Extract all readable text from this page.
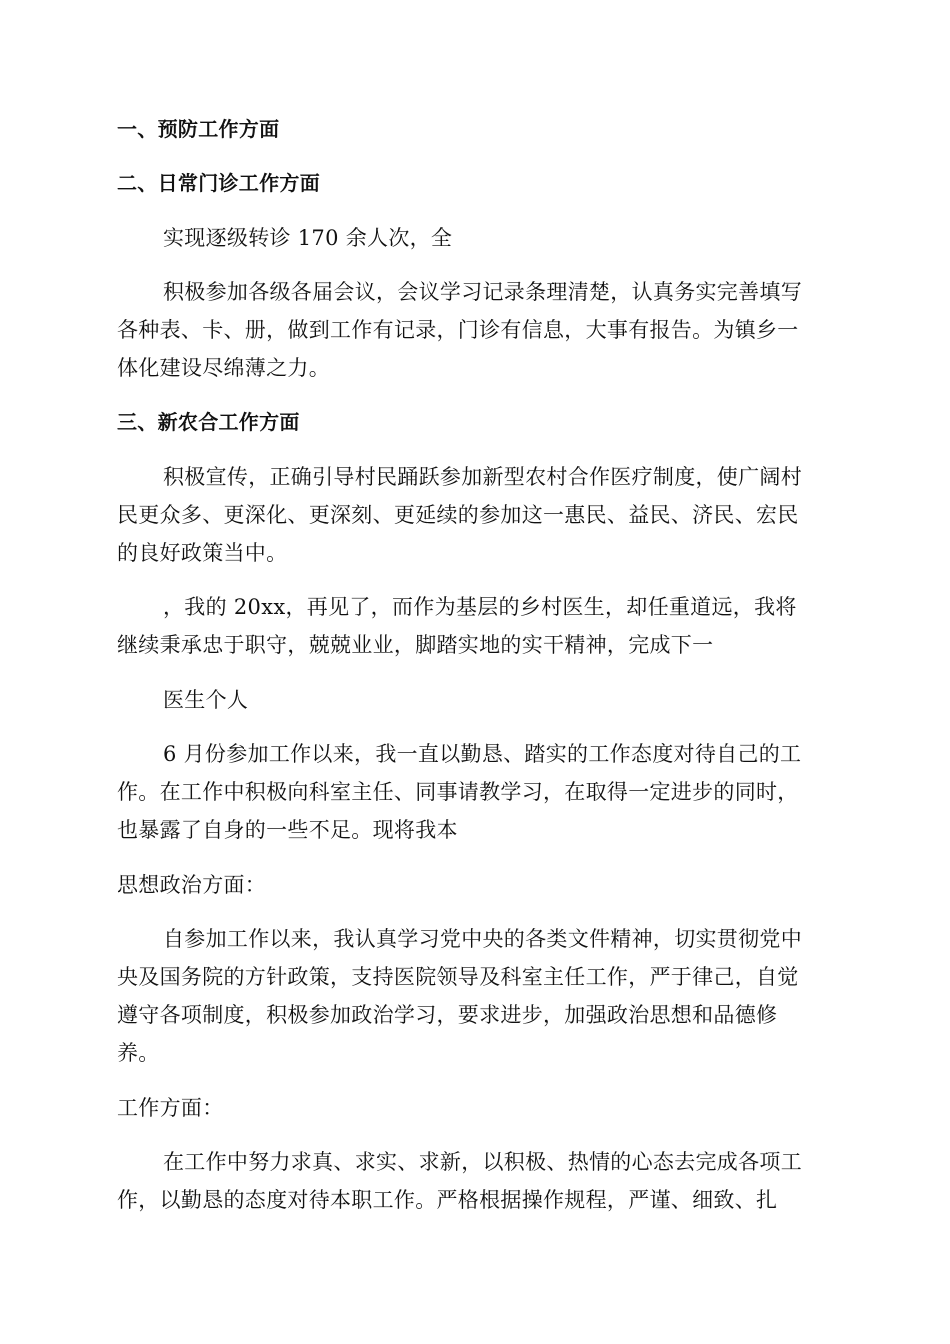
一、预防工作方面
二、日常门诊工作方面
实现逐级转诊 170 余人次，全
积极参加各级各届会议，会议学习记录条理清楚，认真务实完善填写
各种表、卡、册，做到工作有记录，门诊有信息，大事有报告。为镇乡一
体化建设尽绵薄之力。
三、新农合工作方面
积极宣传，正确引导村民踊跃参加新型农村合作医疗制度，使广阔村
民更众多、更深化、更深刻、更延续的参加这一惠民、益民、济民、宏民
的良好政策当中。
，我的 20xx，再见了，而作为基层的乡村医生，却任重道远，我将
继续秉承忠于职守，兢兢业业，脚踏实地的实干精神，完成下一
医生个人
6 月份参加工作以来，我一直以勤恳、踏实的工作态度对待自己的工
作。在工作中积极向科室主任、同事请教学习，在取得一定进步的同时，
也暴露了自身的一些不足。现将我本
思想政治方面：
自参加工作以来，我认真学习党中央的各类文件精神，切实贯彻党中
央及国务院的方针政策，支持医院领导及科室主任工作，严于律己，自觉
遵守各项制度，积极参加政治学习，要求进步，加强政治思想和品德修
养。
工作方面：
在工作中努力求真、求实、求新，以积极、热情的心态去完成各项工
作，以勤恳的态度对待本职工作。严格根据操作规程，严谨、细致、扎
